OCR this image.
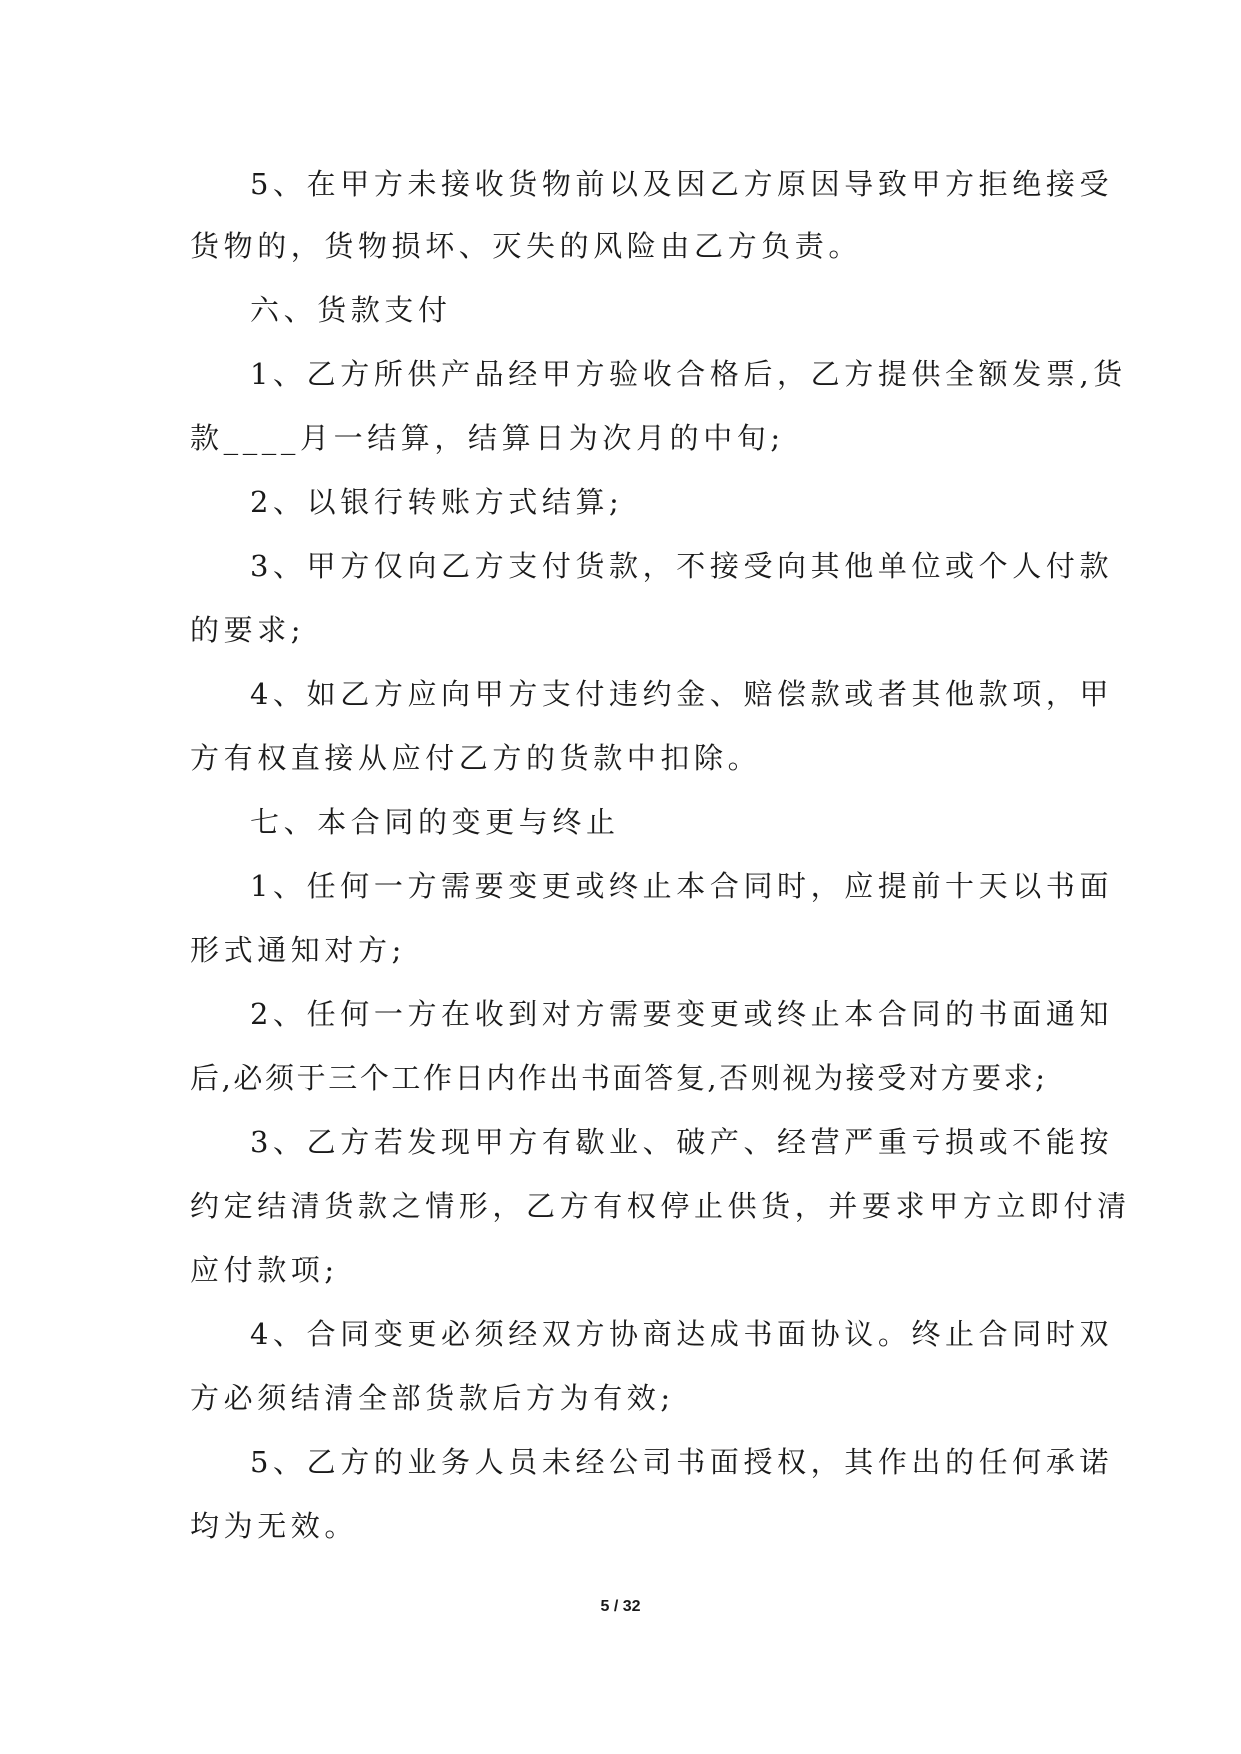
5、在甲方未接收货物前以及因乙方原因导致甲方拒绝接受
货物的，货物损坏、灭失的风险由乙方负责。
六、货款支付
1、乙方所供产品经甲方验收合格后，乙方提供全额发票,货
款____月一结算，结算日为次月的中旬;
2、以银行转账方式结算;
3、甲方仅向乙方支付货款，不接受向其他单位或个人付款
的要求;
4、如乙方应向甲方支付违约金、赔偿款或者其他款项，甲
方有权直接从应付乙方的货款中扣除。
七、本合同的变更与终止
1、任何一方需要变更或终止本合同时，应提前十天以书面
形式通知对方;
2、任何一方在收到对方需要变更或终止本合同的书面通知
后,必须于三个工作日内作出书面答复,否则视为接受对方要求;
3、乙方若发现甲方有歇业、破产、经营严重亏损或不能按
约定结清货款之情形，乙方有权停止供货，并要求甲方立即付清
应付款项;
4、合同变更必须经双方协商达成书面协议。终止合同时双
方必须结清全部货款后方为有效;
5、乙方的业务人员未经公司书面授权，其作出的任何承诺
均为无效。
5 / 32
